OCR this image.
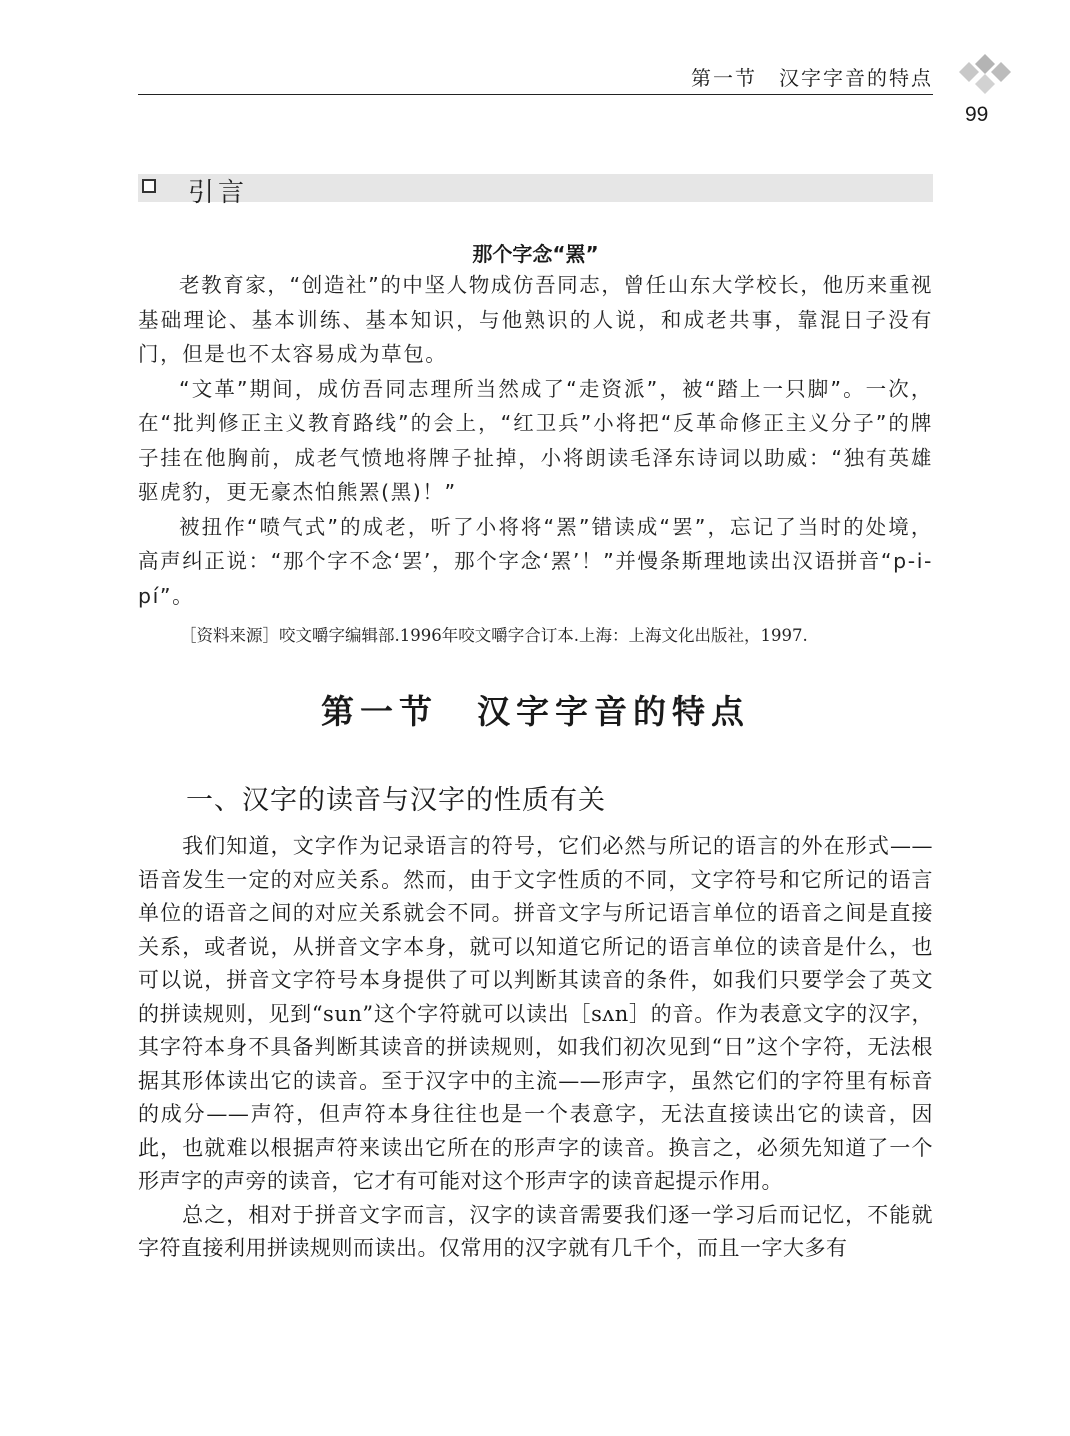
第一节　汉字字音的特点
99
引言
那个字念“罴”

老教育家，“创造社”的中坚人物成仿吾同志，曾任山东大学校长，他历来重视基础理论、基本训练、基本知识，与他熟识的人说，和成老共事，靠混日子没有门，但是也不太容易成为草包。

“文革”期间，成仿吾同志理所当然成了“走资派”，被“踏上一只脚”。一次，在“批判修正主义教育路线”的会上，“红卫兵”小将把“反革命修正主义分子”的牌子挂在他胸前，成老气愤地将牌子扯掉，小将朗读毛泽东诗词以助威：“独有英雄驱虎豹，更无豪杰怕熊罴(黑)！”

被扭作“喷气式”的成老，听了小将将“罴”错读成“罢”，忘记了当时的处境，高声纠正说：“那个字不念‘罢’，那个字念‘罴’！”并慢条斯理地读出汉语拼音“p-i-pí”。

［资料来源］咬文嚼字编辑部.1996年咬文嚼字合订本.上海：上海文化出版社，1997.
第一节　汉字字音的特点
一、汉字的读音与汉字的性质有关

我们知道，文字作为记录语言的符号，它们必然与所记的语言的外在形式——语音发生一定的对应关系。然而，由于文字性质的不同，文字符号和它所记的语言单位的语音之间的对应关系就会不同。拼音文字与所记语言单位的语音之间是直接关系，或者说，从拼音文字本身，就可以知道它所记的语言单位的读音是什么，也可以说，拼音文字符号本身提供了可以判断其读音的条件，如我们只要学会了英文的拼读规则，见到“sun”这个字符就可以读出［sʌn］的音。作为表意文字的汉字，其字符本身不具备判断其读音的拼读规则，如我们初次见到“日”这个字符，无法根据其形体读出它的读音。至于汉字中的主流——形声字，虽然它们的字符里有标音的成分——声符，但声符本身往往也是一个表意字，无法直接读出它的读音，因此，也就难以根据声符来读出它所在的形声字的读音。换言之，必须先知道了一个形声字的声旁的读音，它才有可能对这个形声字的读音起提示作用。

总之，相对于拼音文字而言，汉字的读音需要我们逐一学习后而记忆，不能就字符直接利用拼读规则而读出。仅常用的汉字就有几千个，而且一字大多有
